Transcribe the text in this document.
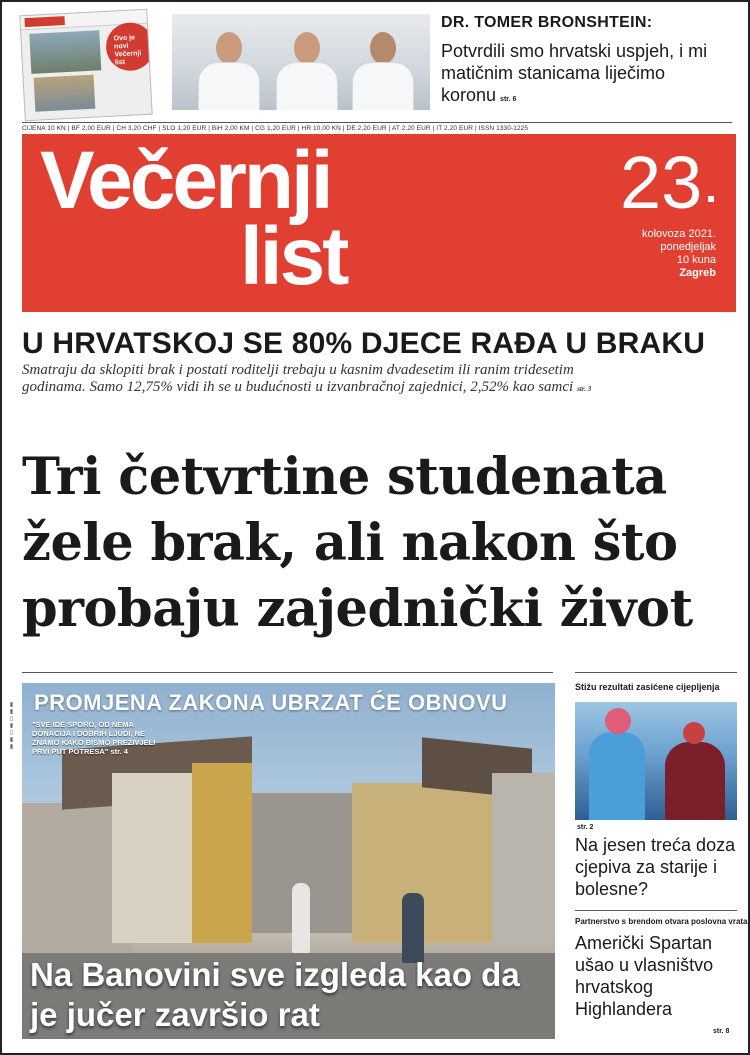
Ovo je novi Večernji list
DR. TOMER BRONSHTEIN:
Potvrdili smo hrvatski uspjeh, i mi matičnim stanicama liječimo koronu str. 6
CIJENA 10 KN | BF 2,00 EUR | CH 3,20 CHF | SLO 1,20 EUR | BiH 2,00 KM | CG 1,20 EUR | HR 10,00 KN | DE 2,20 EUR | AT 2,20 EUR | IT 2,20 EUR | ISSN 1330-1225
Večernji
list
23
kolovoza 2021.
ponedjeljak
10 kuna
Zagreb
U HRVATSKOJ SE 80% DJECE RAĐA U BRAKU
Smatraju da sklopiti brak i postati roditelji trebaju u kasnim dvadesetim ili ranim tridesetim godinama. Samo 12,75% vidi ih se u budućnosti u izvanbračnoj zajednici, 2,52% kao samci str. 3
Tri četvrtine studenata
žele brak, ali nakon što
probaju zajednički život
PROMJENA ZAKONA UBRZAT ĆE OBNOVU
"SVE IDE SPORO, OD NEMA DONACIJA I DOBRIH LJUDI, NE ZNAMO KAKO BISMO PREŽIVJELI PRVI PUT POTRESA" str. 4
Na Banovini sve izgleda kao da je jučer završio rat
Stižu rezultati zasićene cijepljenja
str. 2
Na jesen treća doza cjepiva za starije i bolesne?
Partnerstvo s brendom otvara poslovna vrata
Američki Spartan ušao u vlasništvo hrvatskog Highlandera
str. 8
▮▮▯▮▯▮▮
